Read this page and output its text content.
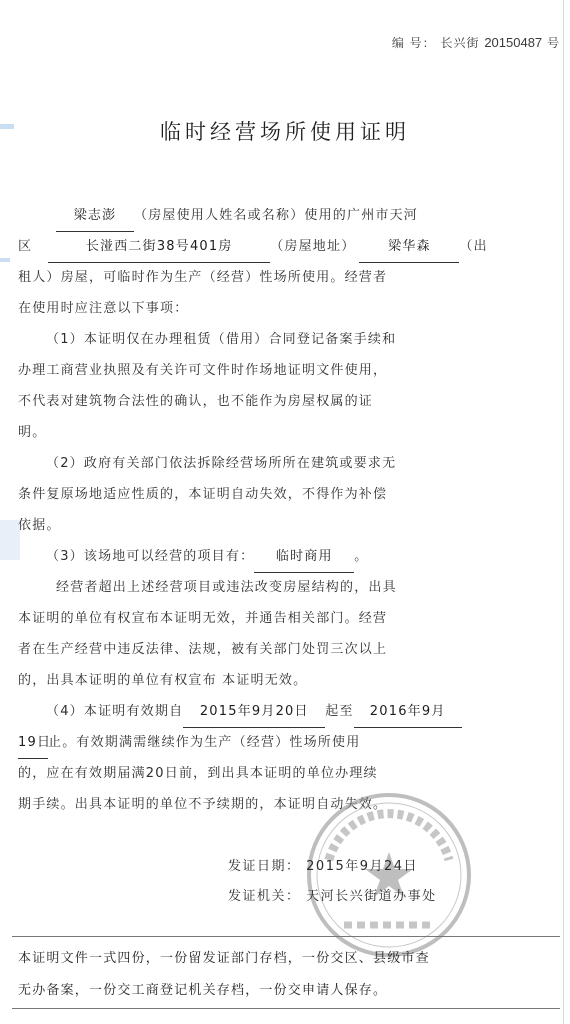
编 号： 长兴街 20150487 号
临时经营场所使用证明
梁志澎 （房屋使用人姓名或名称）使用的广州市天河
区	长湴西二街38号401房	（房屋地址）	梁华森 （出
租人）房屋，可临时作为生产（经营）性场所使用。经营者
在使用时应注意以下事项：
（1）本证明仅在办理租赁（借用）合同登记备案手续和
办理工商营业执照及有关许可文件时作场地证明文件使用，
不代表对建筑物合法性的确认，也不能作为房屋权属的证
明。
（2）政府有关部门依法拆除经营场所所在建筑或要求无
条件复原场地适应性质的，本证明自动失效，不得作为补偿
依据。
（3）该场地可以经营的项目有： 临时商用 。
经营者超出上述经营项目或违法改变房屋结构的，出具
本证明的单位有权宣布本证明无效，并通告相关部门。经营
者在生产经营中违反法律、法规，被有关部门处罚三次以上
的，出具本证明的单位有权宣布 本证明无效。
（4）本证明有效期自 2015年9月20日 起至 2016年9月
19日止。有效期满需继续作为生产（经营）性场所使用
的，应在有效期届满20日前，到出具本证明的单位办理续
期手续。出具本证明的单位不予续期的，本证明自动失效。
发证日期： 2015年9月24日
发证机关： 天河长兴街道办事处
本证明文件一式四份，一份留发证部门存档，一份交区、县级市查
无办备案，一份交工商登记机关存档，一份交申请人保存。
